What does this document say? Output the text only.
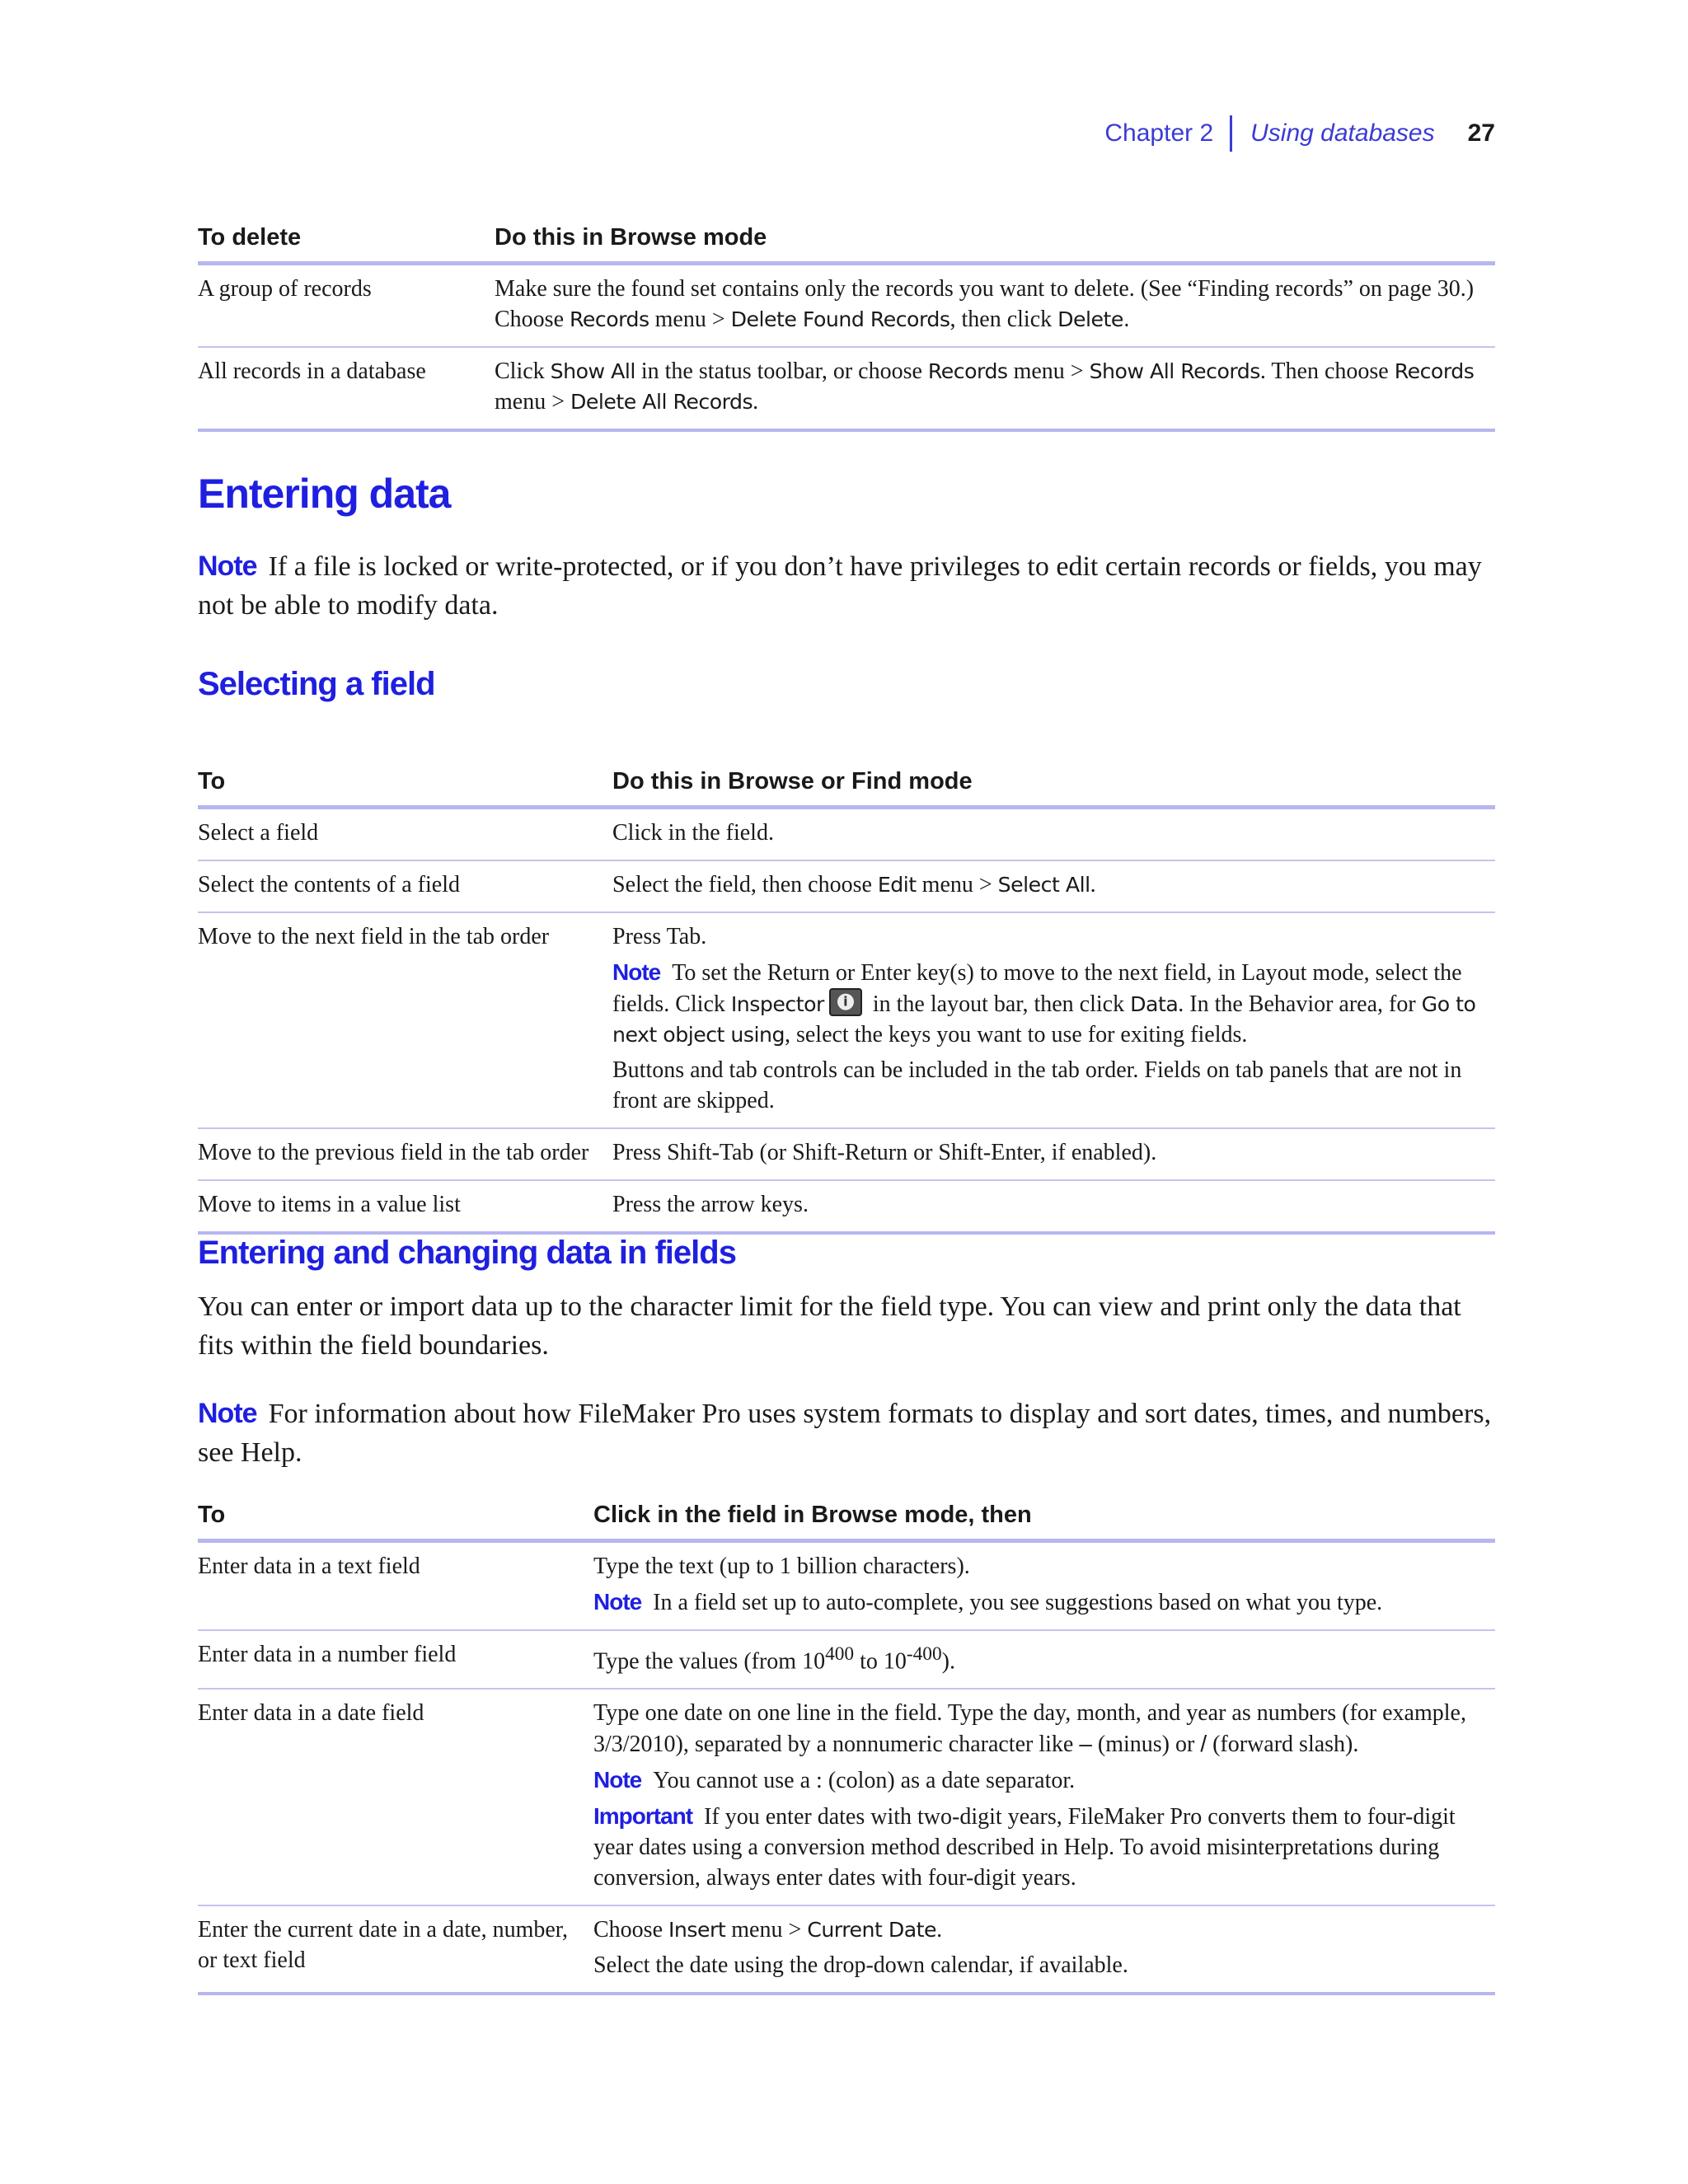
Chapter 2 Using databases 27
To delete	Do this in Browse mode
A group of records	Make sure the found set contains only the records you want to delete. (See “Finding records” on page 30.) Choose Records menu > Delete Found Records, then click Delete.
All records in a database	Click Show All in the status toolbar, or choose Records menu > Show All Records. Then choose Records menu > Delete All Records.
Entering data

Note If a file is locked or write-protected, or if you don’t have privileges to edit certain records or fields, you may not be able to modify data.

Selecting a field
To	Do this in Browse or Find mode
Select a field	Click in the field.
Select the contents of a field	Select the field, then choose Edit menu > Select All.
Move to the next field in the tab order	Press Tab.

Note To set the Return or Enter key(s) to move to the next field, in Layout mode, select the fields. Click Inspectori in the layout bar, then click Data. In the Behavior area, for Go to next object using, select the keys you want to use for exiting fields.

Buttons and tab controls can be included in the tab order. Fields on tab panels that are not in front are skipped.

Move to the previous field in the tab order	Press Shift-Tab (or Shift-Return or Shift-Enter, if enabled).
Move to items in a value list	Press the arrow keys.
Entering and changing data in fields

You can enter or import data up to the character limit for the field type. You can view and print only the data that fits within the field boundaries.

Note For information about how FileMaker Pro uses system formats to display and sort dates, times, and numbers, see Help.

To	Click in the field in Browse mode, then
Enter data in a text field	Type the text (up to 1 billion characters).

Note In a field set up to auto-complete, you see suggestions based on what you type.

Enter data in a number field	Type the values (from $10^{400}$ to $10^{-400}$).
Enter data in a date field	Type one date on one line in the field. Type the day, month, and year as numbers (for example, 3/3/2010), separated by a nonnumeric character like – (minus) or / (forward slash).

Note You cannot use a : (colon) as a date separator.

Important If you enter dates with two-digit years, FileMaker Pro converts them to four-digit year dates using a conversion method described in Help. To avoid misinterpretations during conversion, always enter dates with four-digit years.

Enter the current date in a date, number, or text field	Choose Insert menu > Current Date.

Select the date using the drop-down calendar, if available.
